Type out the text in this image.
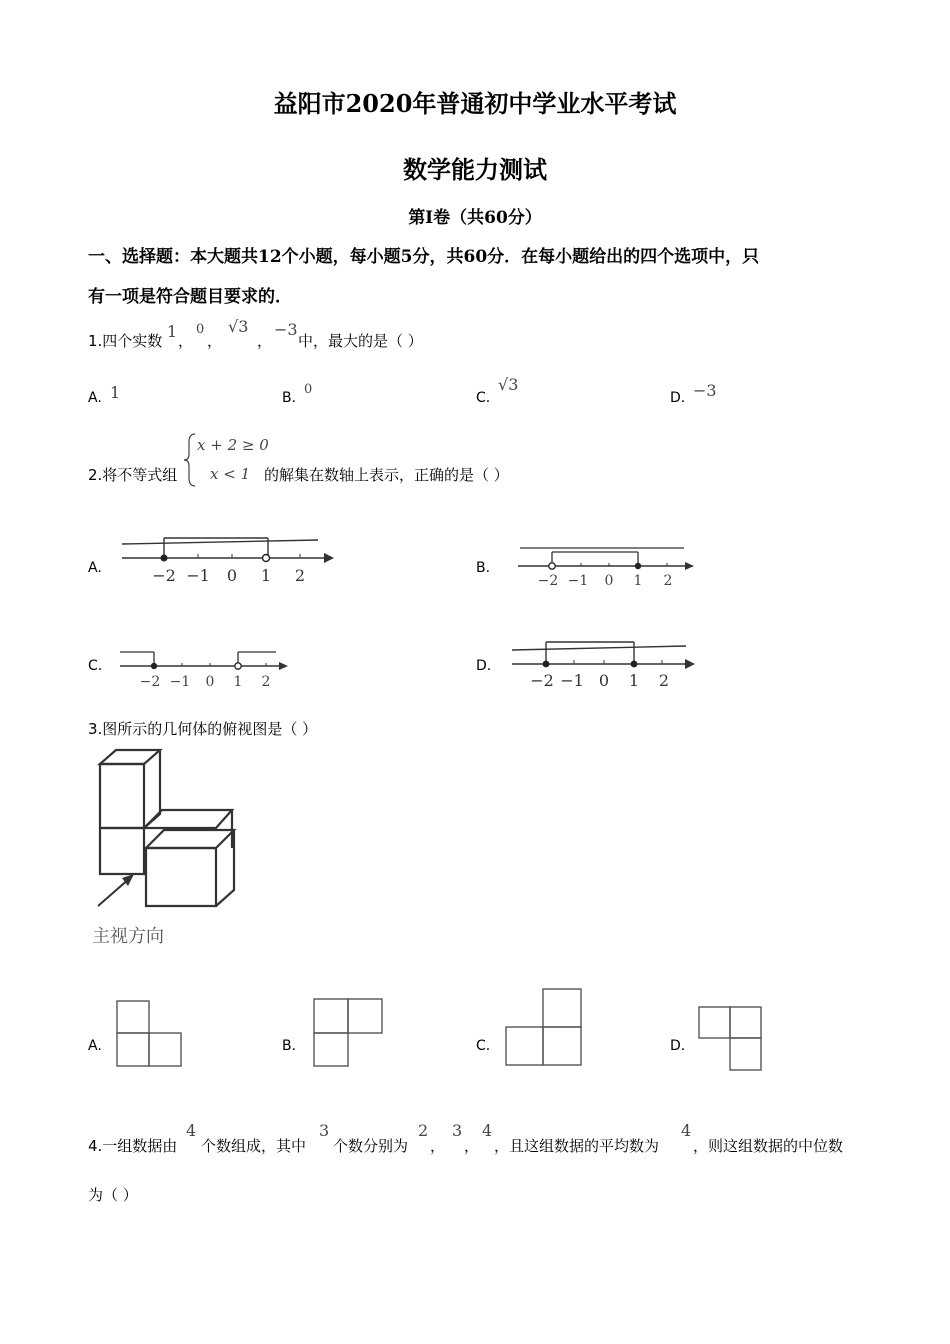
益阳市2020年普通初中学业水平考试
数学能力测试
第Ⅰ卷（共60分）
一、选择题：本大题共12个小题，每小题5分，共60分．在每小题给出的四个选项中，只
有一项是符合题目要求的．
1.四个实数 1 ，
0
，
√3
，
−3
中，最大的是（ ）
A. 1	B.
0
C.
√3
D. −3
2.将不等式组
x + 2 ≥ 0
x < 1 的解集在数轴上表示，正确的是（ ）
A.	B.
C.	D.
−2 −1 0 1 2	−2 −1 0 1 2
−2 −1 0 1 2	−2 −1 0 1 2
3.图所示的几何体的俯视图是（ ）
主视方向
A.	B.	C.	D.
4.一组数据由
4
个数组成，其中
3
个数分别为
2
，
3
，
4
，且这组数据的平均数为
4
，则这组数据的中位数
为（ ）
